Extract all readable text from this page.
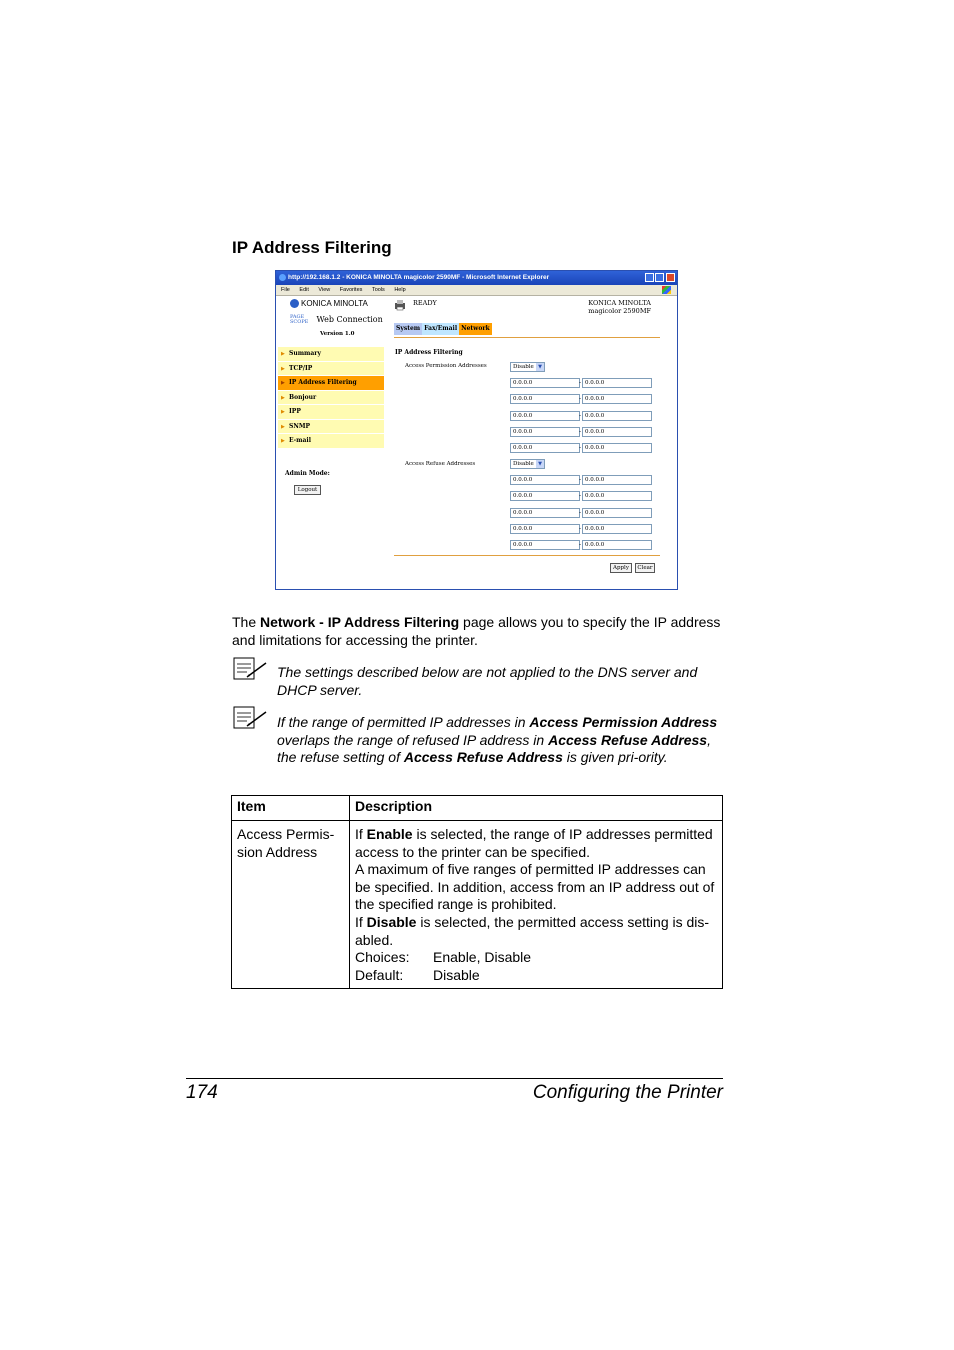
IP Address Filtering
http://192.168.1.2 - KONICA MINOLTA magicolor 2590MF - Microsoft Internet Explorer
File Edit View Favorites Tools Help
KONICA MINOLTA
PAGE SCOPE Web Connection
Version 1.0
▶ Summary
▶ TCP/IP
▶ IP Address Filtering
▶ Bonjour
▶ IPP
▶ SNMP
▶ E-mail
Admin Mode:
Logout
READY	KONICA MINOLTA
magicolor 2590MF
System Fax/Email Network
IP Address Filtering
Access Permission Addresses	Disable ▼
0.0.0.0	- 0.0.0.0
0.0.0.0	- 0.0.0.0
0.0.0.0	- 0.0.0.0
0.0.0.0	- 0.0.0.0
0.0.0.0	- 0.0.0.0
Access Refuse Addresses	Disable ▼
0.0.0.0	- 0.0.0.0
0.0.0.0	- 0.0.0.0
0.0.0.0	- 0.0.0.0
0.0.0.0	- 0.0.0.0
0.0.0.0	- 0.0.0.0
Apply	Clear
The Network - IP Address Filtering page allows you to specify the IP address and limitations for accessing the printer.
The settings described below are not applied to the DNS server and DHCP server.
If the range of permitted IP addresses in Access Permission Address overlaps the range of refused IP address in Access Refuse Address, the refuse setting of Access Refuse Address is given pri-ority.
Item	Description
Access Permis-sion Address	If Enable is selected, the range of IP addresses permitted access to the printer can be specified.
A maximum of five ranges of permitted IP addresses can be specified. In addition, access from an IP address out of the specified range is prohibited.
If Disable is selected, the permitted access setting is dis-abled.
Choices: Enable, Disable
Default: Disable
174	Configuring the Printer
